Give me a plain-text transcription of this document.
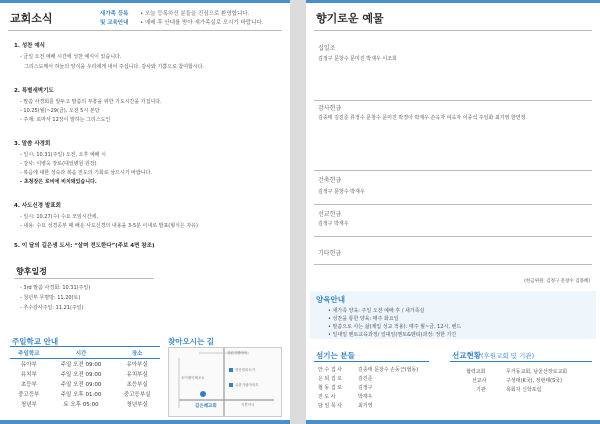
교회소식	새가족 등록
및 교육안내
• 오늘 등록하신 분들을 진심으로 환영합니다.
• 예배 후 안내를 받아 새가족실로 오시기 바랍니다.
1. 성찬 예식
- 금일 오전 예배 시간에 성찬 예식이 있습니다.
그리스도께서 허늘의 양식을 우리에게 내어 주십니다. 감사와 기쁨으로 참여합시다.
2. 특별새벽기도
- 말씀 사경회를 앞두고 말씀의 부흥을 위한 기도시간을 가집니다.
- 10.25(월)~29(금), 오전 5시 본당
- 주제: 로마서 12장이 말하는 그리스도인
3. 말씀 사경회
- 일시: 10.31(주일) 오전, 오후 예배 시
- 강사: 이병욱 장로(대일병원 원장)
- 복음에 대한 성숙과 복음 전도의 기회로 삼으시기 바랍니다.
- 초청장은 로비에 비치돼있습니다.
4. 사도신경 발표회
- 일시: 10.27(수) 수요 모임시간에,
- 내용: 수요 성경공부 때 배운 사도신경의 내용을 3-5분 이내로 발표(형식은 자유)
5. 이 달의 길은생 도서: “살며 전도한다”(주보 4면 참조)
향후일정
- 3rd 말씀 사경회: 10.31(주일)
- 청년부 무명방: 11.20(토)
- 추수감사주일: 11.21(주일)
주일학교 안내
주일학교	시간	장소
유아부	주일 오전 09:00	유아부실
유치부	주일 오전 09:00	유치부실
초등부	주일 오전 09:00	초등부실
중고등부	주일 오후 01:00	중고등부실
청년부	토 오후 05:00	청년부실
찾아오시는 길
강원지엔아이
영문빌라트가
유한기림아파트
송이제약제조소
기쁜약국
길은혜교회
향기로운 예물
십일조
김정구 문창수 문미진 박재우 이조희
감사헌금
김종태 김진준 류정수 문창수 문미진 박경아 박재우 손옥자 여옥자 이종석 주일화 최기영 한연정
건축헌금
김정구 문창수 박재우
선교헌금
김정구 박재우
기타헌금
(헌금위원: 김정구 문창수 김종혜)
양육안내
• 새가족 양육: 주일 오전 예배 후 / 새가족실
• 성찬을 통한 양육: 매주 화요일
• 말씀으로 사는 삶(제입 성교 적용): 매주 월~금, 12시, 밴드
• 일대일 멘토교육과정/ 일대일(멘토&멘티)과정: 정한 기간
섬기는 분들
안 수 집 사	김종태 문창수 손동근(협동)
은 퇴 집 로	김진준
협 동 집 로	김정구
전 도 사	박재우
담 임 목 사	최기영
선교현황(후원교회 및 기관)
협력교회	무거동교회, 남울산장로교회
선교사	구성태(K국), 정현태(S국)
기관	목회자 신학포럼
